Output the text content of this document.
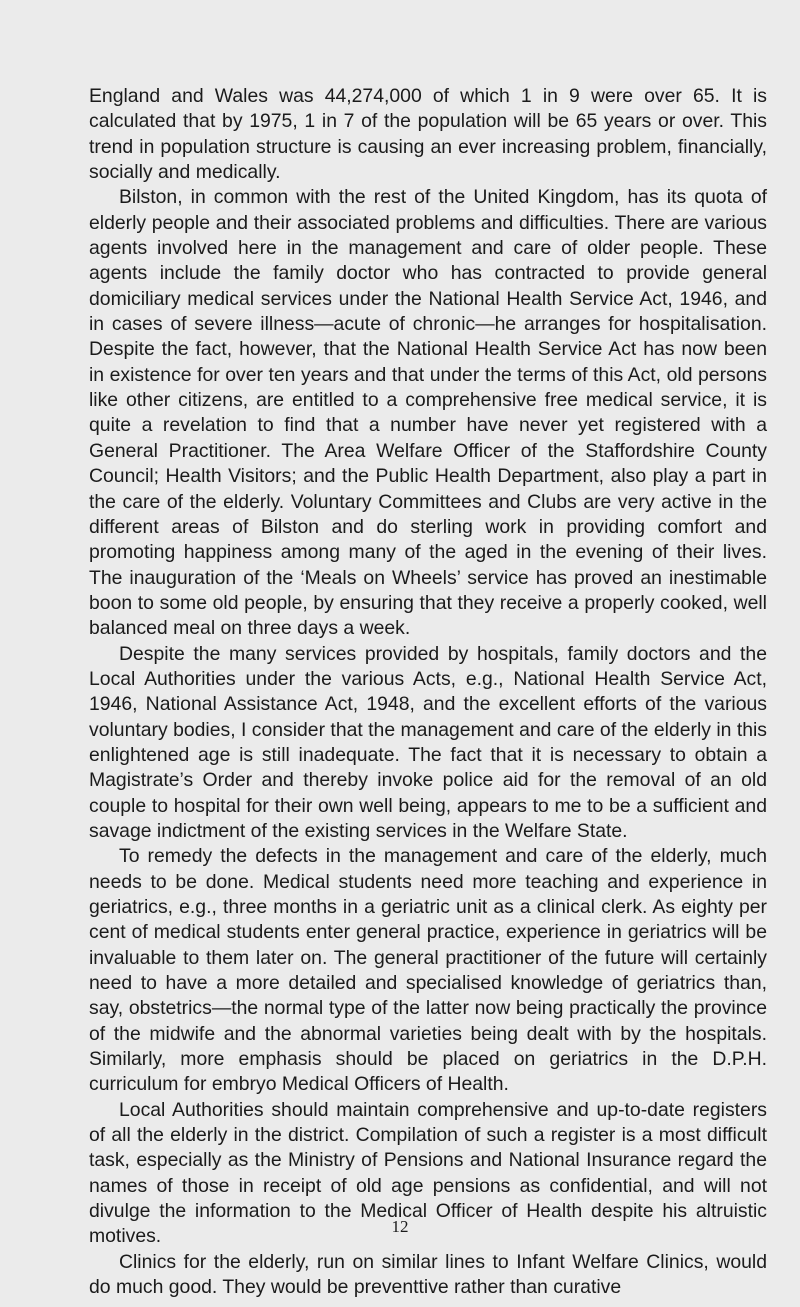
England and Wales was 44,274,000 of which 1 in 9 were over 65. It is calculated that by 1975, 1 in 7 of the population will be 65 years or over. This trend in population structure is causing an ever increasing problem, financially, socially and medically.

Bilston, in common with the rest of the United Kingdom, has its quota of elderly people and their associated problems and difficulties. There are various agents involved here in the management and care of older people. These agents include the family doctor who has contracted to provide general domiciliary medical services under the National Health Service Act, 1946, and in cases of severe illness—acute of chronic—he arranges for hospitalisation. Despite the fact, however, that the National Health Service Act has now been in existence for over ten years and that under the terms of this Act, old persons like other citizens, are entitled to a comprehensive free medical service, it is quite a revelation to find that a number have never yet registered with a General Practitioner. The Area Welfare Officer of the Staffordshire County Council; Health Visitors; and the Public Health Department, also play a part in the care of the elderly. Voluntary Committees and Clubs are very active in the different areas of Bilston and do sterling work in providing comfort and promoting happiness among many of the aged in the evening of their lives. The inauguration of the ‘Meals on Wheels’ service has proved an inestimable boon to some old people, by ensuring that they receive a properly cooked, well balanced meal on three days a week.

Despite the many services provided by hospitals, family doctors and the Local Authorities under the various Acts, e.g., National Health Service Act, 1946, National Assistance Act, 1948, and the excellent efforts of the various voluntary bodies, I consider that the management and care of the elderly in this enlightened age is still inadequate. The fact that it is necessary to obtain a Magistrate’s Order and thereby invoke police aid for the removal of an old couple to hospital for their own well being, appears to me to be a sufficient and savage indictment of the existing services in the Welfare State.

To remedy the defects in the management and care of the elderly, much needs to be done. Medical students need more teaching and experience in geriatrics, e.g., three months in a geriatric unit as a clinical clerk. As eighty per cent of medical students enter general practice, experience in geriatrics will be invaluable to them later on. The general practitioner of the future will certainly need to have a more detailed and specialised knowledge of geriatrics than, say, obstetrics—the normal type of the latter now being practically the province of the midwife and the abnormal varieties being dealt with by the hospitals. Similarly, more emphasis should be placed on geriatrics in the D.P.H. curriculum for embryo Medical Officers of Health.

Local Authorities should maintain comprehensive and up-to-date registers of all the elderly in the district. Compilation of such a register is a most difficult task, especially as the Ministry of Pensions and National Insurance regard the names of those in receipt of old age pensions as confidential, and will not divulge the information to the Medical Officer of Health despite his altruistic motives.

Clinics for the elderly, run on similar lines to Infant Welfare Clinics, would do much good. They would be preventtive rather than curative

12
